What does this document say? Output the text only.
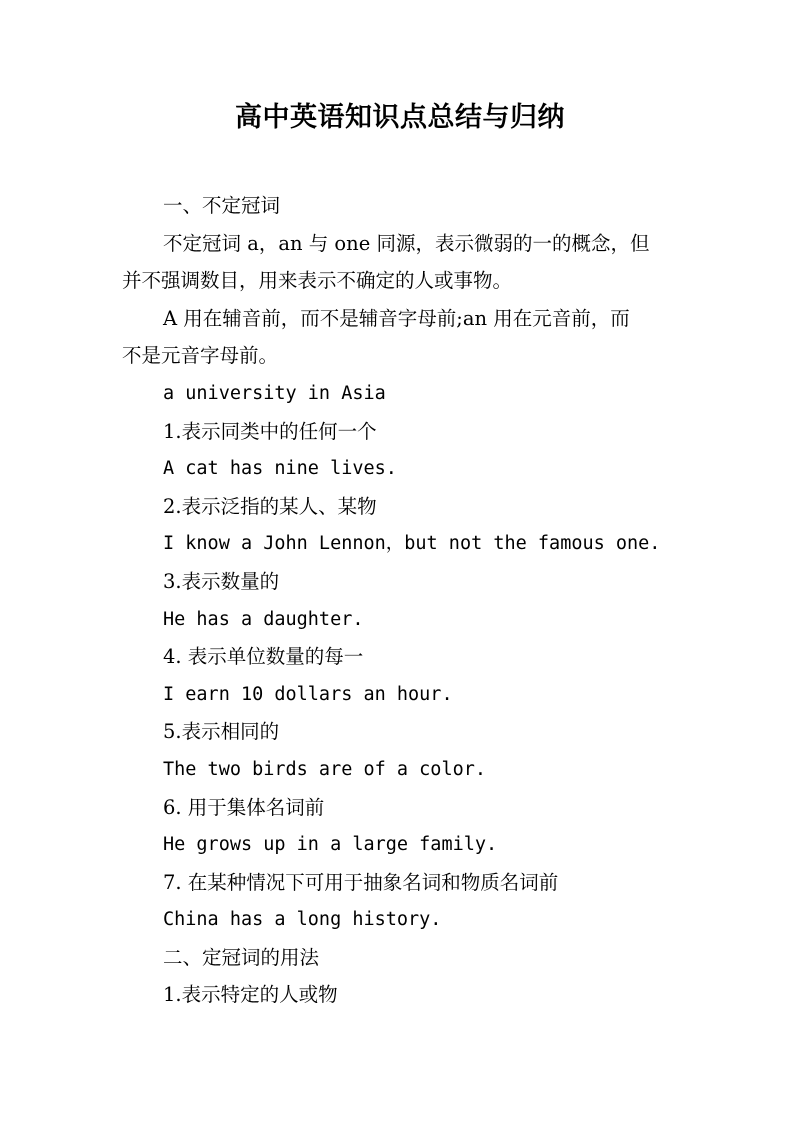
高中英语知识点总结与归纳
一、不定冠词
不定冠词 a，an 与 one 同源，表示微弱的一的概念，但
并不强调数目，用来表示不确定的人或事物。
A 用在辅音前，而不是辅音字母前;an 用在元音前，而
不是元音字母前。
a university in Asia
1.表示同类中的任何一个
A cat has nine lives.
2.表示泛指的某人、某物
I know a John Lennon，but not the famous one.
3.表示数量的
He has a daughter.
4. 表示单位数量的每一
I earn 10 dollars an hour.
5.表示相同的
The two birds are of a color.
6. 用于集体名词前
He grows up in a large family.
7. 在某种情况下可用于抽象名词和物质名词前
China has a long history.
二、定冠词的用法
1.表示特定的人或物
